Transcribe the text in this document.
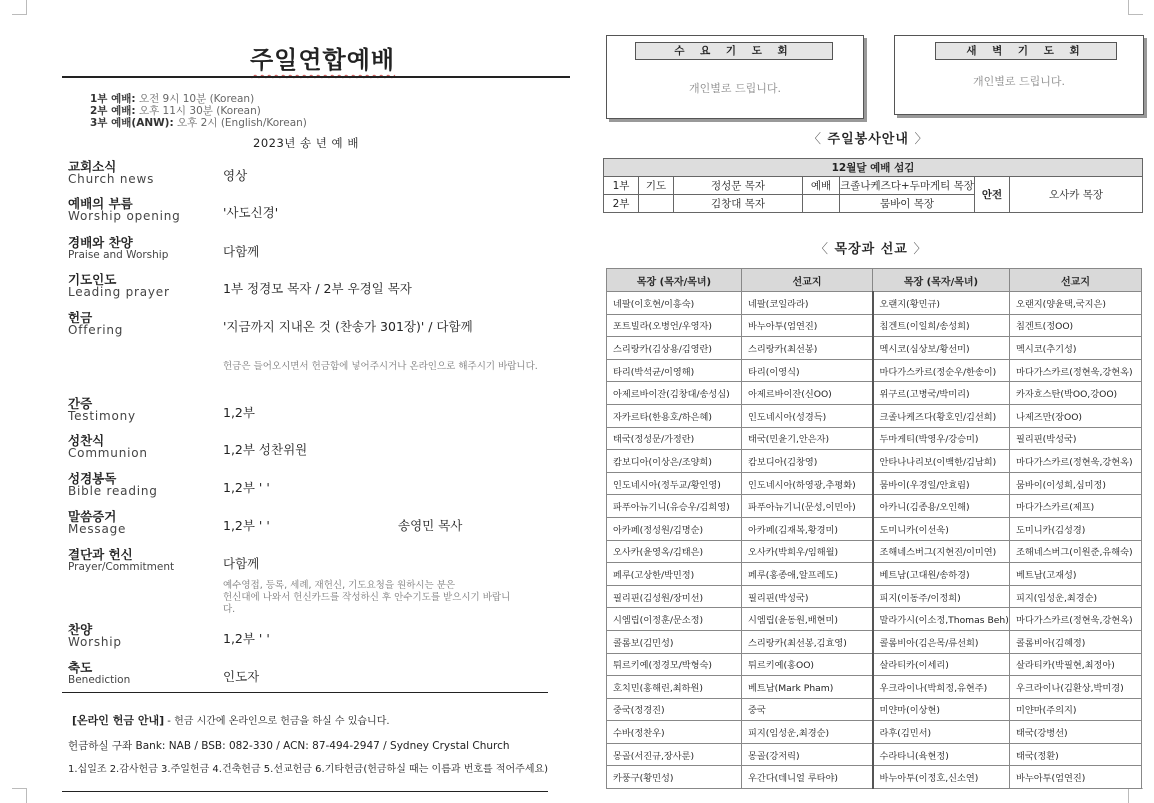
주일연합예배
1부 예배: 오전 9시 10분 (Korean)
2부 예배: 오후 11시 30분 (Korean)
3부 예배(ANW): 오후 2시 (English/Korean)
2023년 송 년 예 배
교회소식
Church news	영상
예배의 부름
Worship opening	'사도신경'
경배와 찬양
Praise and Worship	다함께
기도인도
Leading prayer	1부 정경모 목자 / 2부 우경일 목자
헌금
Offering	'지금까지 지내온 것 (찬송가 301장)' / 다함께
헌금은 들어오시면서 헌금함에 넣어주시거나 온라인으로 해주시기 바랍니다.
간증
Testimony	1,2부
성찬식
Communion	1,2부 성찬위원
성경봉독
Bible reading	1,2부 ' '
말씀증거
Message	1,2부 ' '	송영민 목사
결단과 헌신
Prayer/Commitment	다함께
예수영접, 등록, 세례, 재헌신, 기도요청을 원하시는 분은
헌신대에 나와서 헌신카드를 작성하신 후 안수기도를 받으시기 바랍니
다.
찬양
Worship	1,2부 ' '
축도
Benediction	인도자
[온라인 헌금 안내] - 헌금 시간에 온라인으로 헌금을 하실 수 있습니다.
헌금하실 구좌 Bank: NAB / BSB: 082-330 / ACN: 87-494-2947 / Sydney Crystal Church
1.십일조 2.감사헌금 3.주일헌금 4.건축헌금 5.선교헌금 6.기타헌금(헌금하실 때는 이름과 번호를 적어주세요)
수 요 기 도 회
개인별로 드립니다.
새 벽 기 도 회
개인별로 드립니다.
〈 주일봉사안내 〉
12월달 예배 섬김						
1부	기도	정성문 목자	예배	크졸나케즈다+두마게티 목장	안전	오사카 목장
2부		김창대 목자		뭄바이 목장		
〈 목장과 선교 〉
목장 (목자/목녀)	선교지	목장 (목자/목녀)	선교지
네팔(이호현/이흥숙)	네팔(코일라라)	오랜지(황민규)	오랜지(양윤택,국지은)
포트빌라(오병언/우영자)	바누아투(엄연진)	침겐트(이일희/송성희)	침겐트(정OO)
스리랑카(김상용/김영란)	스리랑카(최선봉)	멕시코(심상보/황선미)	멕시코(추기성)
타리(박석균/이영해)	타리(이영식)	마다가스카르(정순우/한송이)	마다가스카르(정현욱,강현옥)
아제르바이잔(김창대/송성심)	아제르바이잔(신OO)	위구르(고병국/박미리)	카자흐스탄(박OO,강OO)
자카르타(한용호/하은혜)	인도네시아(성경득)	크졸나케즈다(황호인/김선희)	나제즈만(장OO)
태국(정성문/가정란)	태국(민윤기,안은자)	두마게티(박영우/강승미)	필리핀(박성국)
캄보디아(이상은/조양희)	캄보디아(김창영)	안타나나리보(이백한/김남희)	마다가스카르(정현욱,강현옥)
인도네시아(정두교/황인영)	인도네시아(하영광,추평화)	뭄바이(우경일/안효림)	뭄바이(이성희,심미정)
파푸아뉴기니(유승우/김희영)	파푸아뉴기니(문성,이민아)	아카니(김종용/오인해)	마다가스카르(제프)
아카페(정성원/김명순)	아카페(김재복,황경미)	도미니카(이선욱)	도미니카(김성경)
오사카(윤영옥/김태은)	오사카(박희우/임해월)	조해네스버그(지현진/이미연)	조해네스버그(이원준,유해숙)
페루(고상한/박민정)	페루(홍종애,알프레도)	베트남(고대원/송하경)	베트남(고재성)
필리핀(김성원/장미선)	필리핀(박성국)	피지(이동주/이정희)	피지(임성운,최경순)
시엠립(이정훈/문소정)	시엠립(윤동원,배현미)	말라가시(이소정,Thomas Beh)	마다가스카르(정현욱,강현옥)
콜롬보(김민성)	스리랑카(최선봉,김효영)	콜롬비아(김은목/류선희)	콜롬비아(김혜정)
튀르키예(정경모/박형숙)	튀르키예(홍OO)	살라티카(이세리)	살라티카(박필현,최정아)
호치민(홍해린,최하원)	베트남(Mark Pham)	우크라이나(박희정,유현주)	우크라이나(김환상,박미경)
중국(정경진)	중국	미얀마(이상현)	미얀마(주의지)
수바(정찬우)	피지(임성운,최경순)	라후(김민서)	태국(강병선)
몽골(서진규,장사룬)	몽골(강저릭)	수라타니(육현정)	태국(정환)
카풍구(황민성)	우간다(데니얼 루타야)	바누아투(이정호,신소연)	바누아투(엄연진)
